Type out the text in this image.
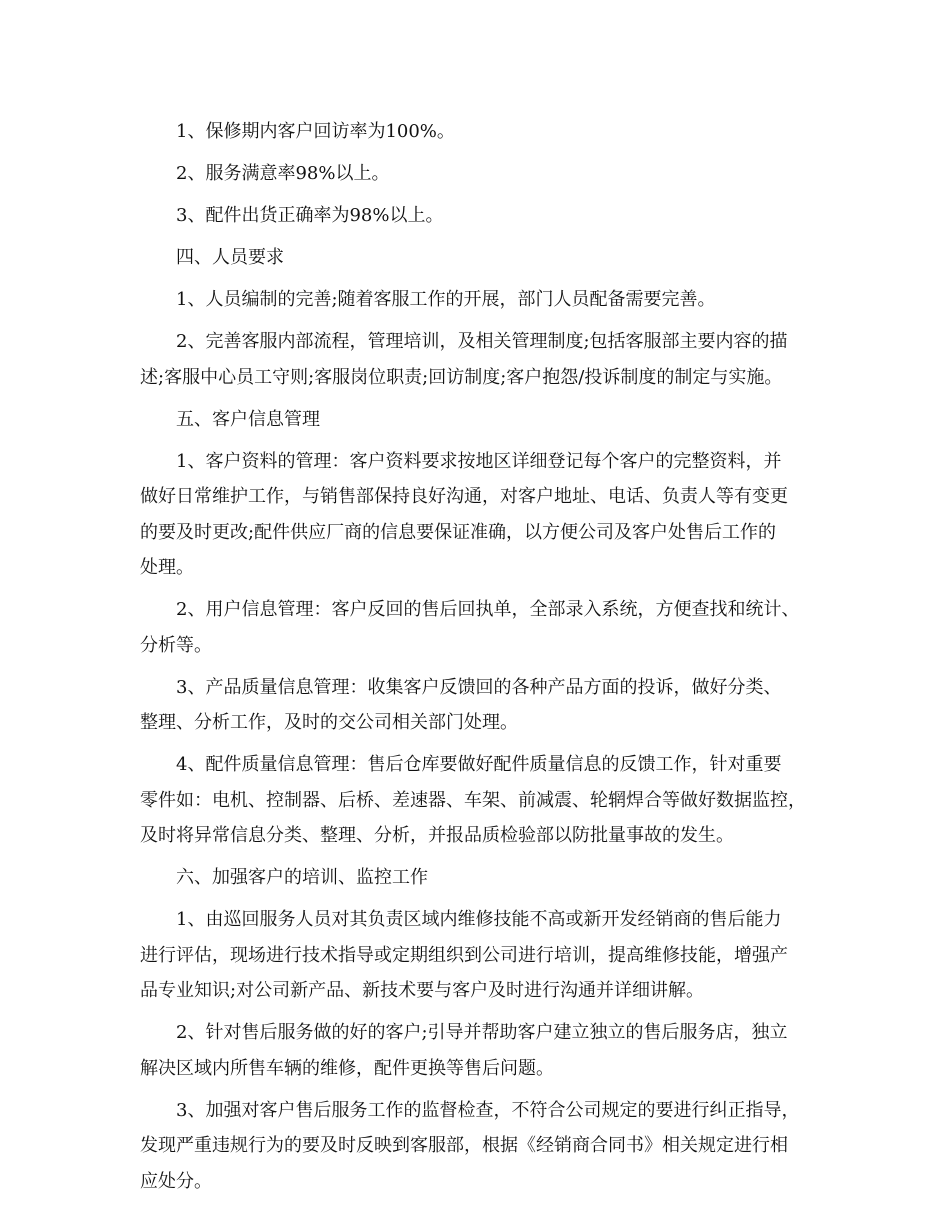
1、保修期内客户回访率为100%。
2、服务满意率98%以上。
3、配件出货正确率为98%以上。
四、人员要求
1、人员编制的完善;随着客服工作的开展，部门人员配备需要完善。
2、完善客服内部流程，管理培训，及相关管理制度;包括客服部主要内容的描
述;客服中心员工守则;客服岗位职责;回访制度;客户抱怨/投诉制度的制定与实施。
五、客户信息管理
1、客户资料的管理：客户资料要求按地区详细登记每个客户的完整资料，并
做好日常维护工作，与销售部保持良好沟通，对客户地址、电话、负责人等有变更
的要及时更改;配件供应厂商的信息要保证准确，以方便公司及客户处售后工作的
处理。
2、用户信息管理：客户反回的售后回执单，全部录入系统，方便查找和统计、
分析等。
3、产品质量信息管理：收集客户反馈回的各种产品方面的投诉，做好分类、
整理、分析工作，及时的交公司相关部门处理。
4、配件质量信息管理：售后仓库要做好配件质量信息的反馈工作，针对重要
零件如：电机、控制器、后桥、差速器、车架、前减震、轮辋焊合等做好数据监控，
及时将异常信息分类、整理、分析，并报品质检验部以防批量事故的发生。
六、加强客户的培训、监控工作
1、由巡回服务人员对其负责区域内维修技能不高或新开发经销商的售后能力
进行评估，现场进行技术指导或定期组织到公司进行培训，提高维修技能，增强产
品专业知识;对公司新产品、新技术要与客户及时进行沟通并详细讲解。
2、针对售后服务做的好的客户;引导并帮助客户建立独立的售后服务店，独立
解决区域内所售车辆的维修，配件更换等售后问题。
3、加强对客户售后服务工作的监督检查，不符合公司规定的要进行纠正指导，
发现严重违规行为的要及时反映到客服部，根据《经销商合同书》相关规定进行相
应处分。
